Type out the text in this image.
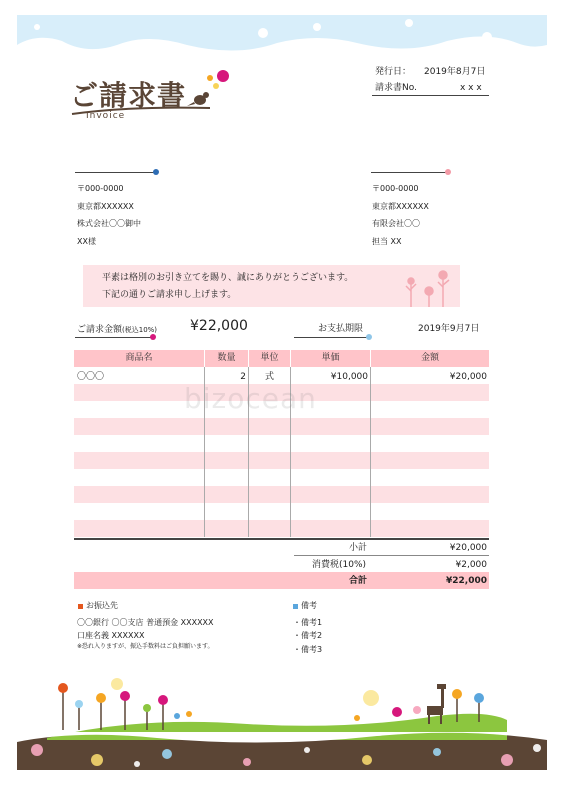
ご請求書
Invoice
発行日： 2019年8月7日
請求書No.	x x x
〒000-0000
東京都XXXXXX
株式会社〇〇御中
XX様
〒000-0000
東京都XXXXXX
有限会社〇〇
担当 XX
平素は格別のお引き立てを賜り、誠にありがとうございます。
下記の通りご請求申し上げます。
ご請求金額(税込10%) ¥22,000	お支払期限	2019年9月7日
商品名	数量	単位	単価	金額
〇〇〇	2	式	¥10,000	¥20,000
bizocean
小計	¥20,000
消費税(10%)	¥2,000
合計	¥22,000
お振込先
〇〇銀行 〇〇支店 普通預金 XXXXXX
口座名義 XXXXXX
※恐れ入りますが、振込手数料はご負担願います。
備考
・備考1
・備考2
・備考3
